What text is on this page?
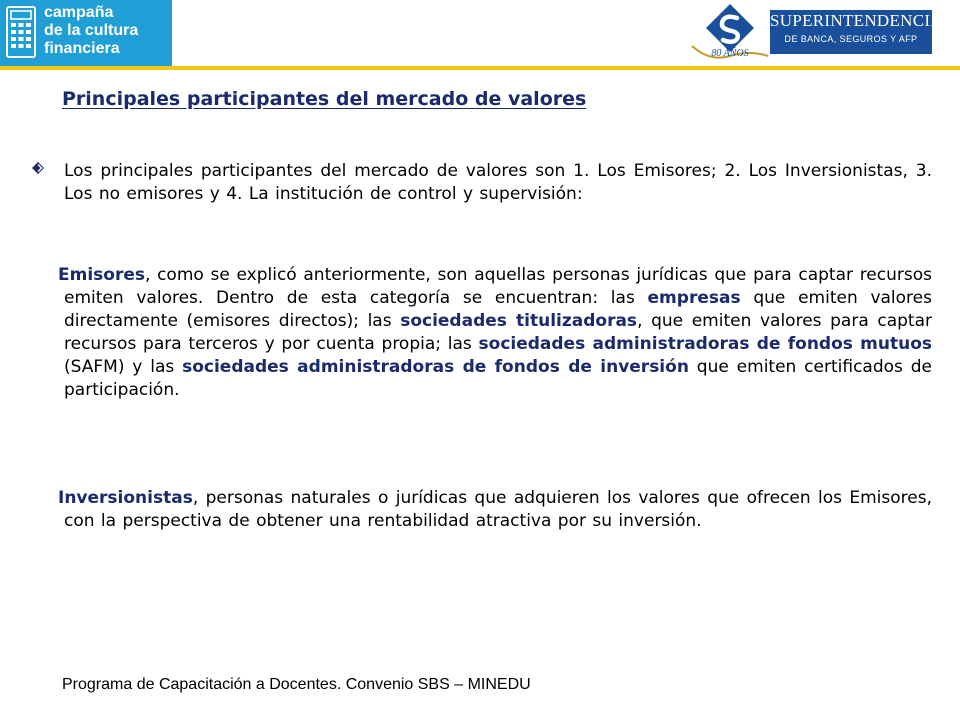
campaña
de la cultura
financiera	80 AÑOS
SUPERINTENDENCIA
DE BANCA, SEGUROS Y AFP
Principales participantes del mercado de valores

Los principales participantes del mercado de valores son 1. Los Emisores; 2. Los Inversionistas, 3. Los no emisores y 4. La institución de control y supervisión:

Emisores, como se explicó anteriormente, son aquellas personas jurídicas que para captar recursos emiten valores. Dentro de esta categoría se encuentran: las empresas que emiten valores directamente (emisores directos); las sociedades titulizadoras, que emiten valores para captar recursos para terceros y por cuenta propia; las sociedades administradoras de fondos mutuos (SAFM) y las sociedades administradoras de fondos de inversión que emiten certificados de participación.

Inversionistas, personas naturales o jurídicas que adquieren los valores que ofrecen los Emisores, con la perspectiva de obtener una rentabilidad atractiva por su inversión.

Programa de Capacitación a Docentes. Convenio SBS – MINEDU
